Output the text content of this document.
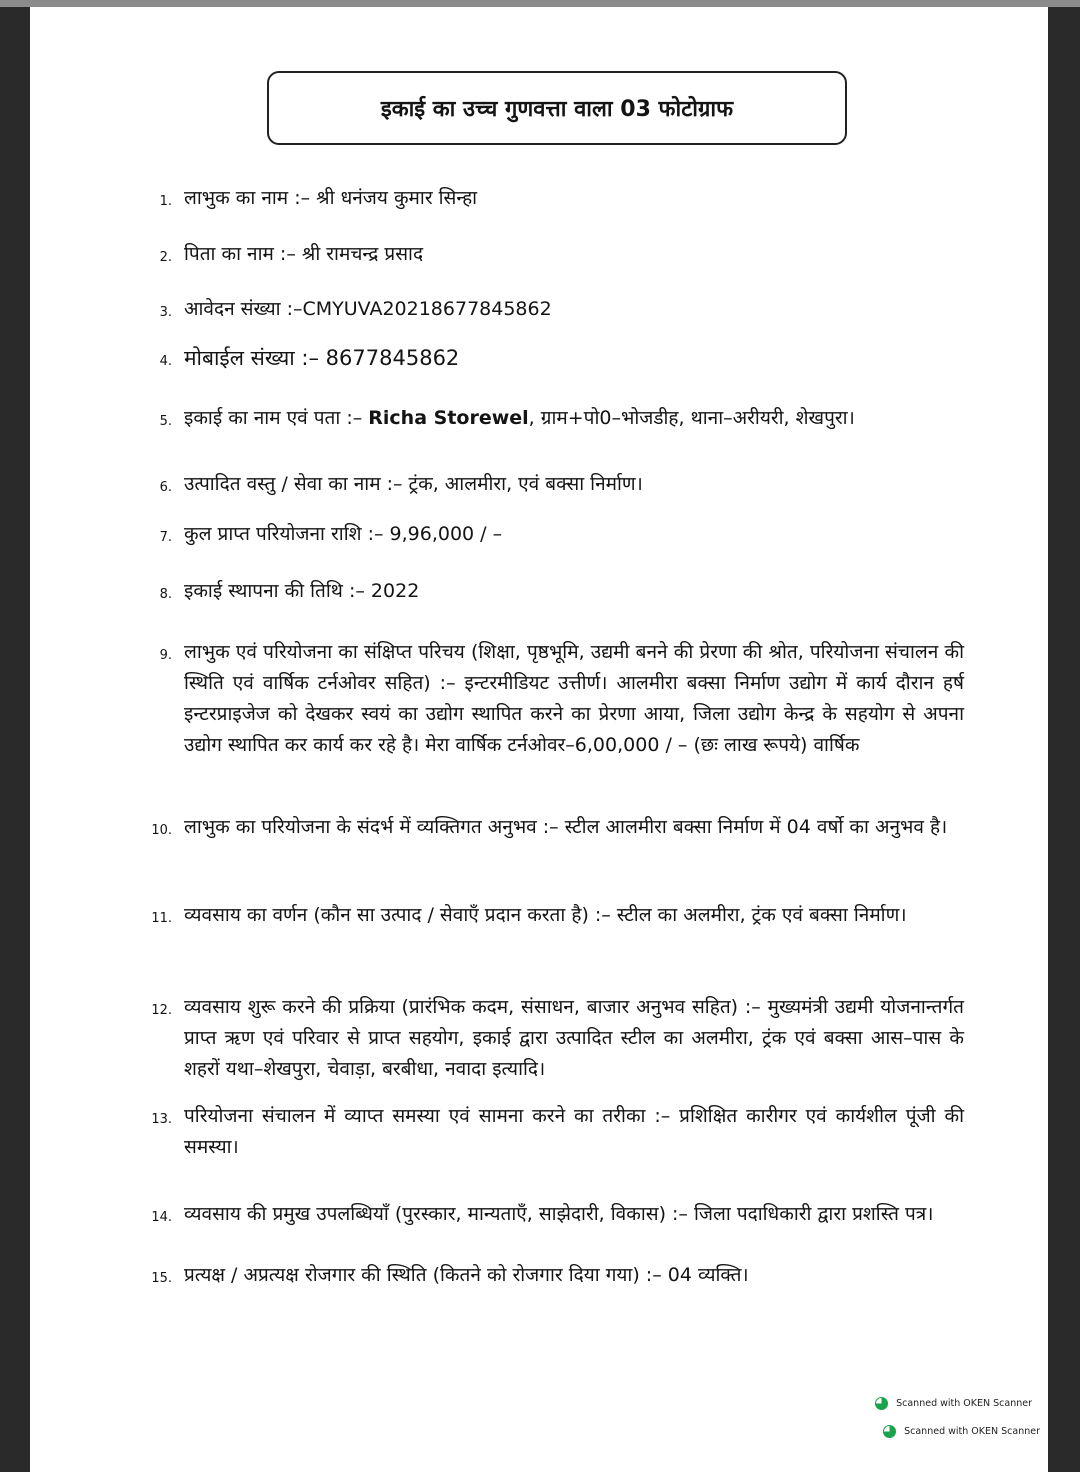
इकाई का उच्च गुणवत्ता वाला 03 फोटोग्राफ
1. लाभुक का नाम :– श्री धनंजय कुमार सिन्हा
2. पिता का नाम :– श्री रामचन्द्र प्रसाद
3. आवेदन संख्या :–CMYUVA20218677845862
4. मोबाईल संख्या :– 8677845862
5. इकाई का नाम एवं पता :– Richa Storewel, ग्राम+पो0–भोजडीह, थाना–अरीयरी, शेखपुरा।
6. उत्पादित वस्तु / सेवा का नाम :– ट्रंक, आलमीरा, एवं बक्सा निर्माण।
7. कुल प्राप्त परियोजना राशि :– 9,96,000 / –
8. इकाई स्थापना की तिथि :– 2022
9. लाभुक एवं परियोजना का संक्षिप्त परिचय (शिक्षा, पृष्ठभूमि, उद्यमी बनने की प्रेरणा की श्रोत, परियोजना संचालन की स्थिति एवं वार्षिक टर्नओवर सहित) :– इन्टरमीडियट उत्तीर्ण। आलमीरा बक्सा निर्माण उद्योग में कार्य दौरान हर्ष इन्टरप्राइजेज को देखकर स्वयं का उद्योग स्थापित करने का प्रेरणा आया, जिला उद्योग केन्द्र के सहयोग से अपना उद्योग स्थापित कर कार्य कर रहे है। मेरा वार्षिक टर्नओवर–6,00,000 / – (छः लाख रूपये) वार्षिक
10. लाभुक का परियोजना के संदर्भ में व्यक्तिगत अनुभव :– स्टील आलमीरा बक्सा निर्माण में 04 वर्षो का अनुभव है।
11. व्यवसाय का वर्णन (कौन सा उत्पाद / सेवाएँ प्रदान करता है) :– स्टील का अलमीरा, ट्रंक एवं बक्सा निर्माण।
12. व्यवसाय शुरू करने की प्रक्रिया (प्रारंभिक कदम, संसाधन, बाजार अनुभव सहित) :– मुख्यमंत्री उद्यमी योजनान्तर्गत प्राप्त ऋण एवं परिवार से प्राप्त सहयोग, इकाई द्वारा उत्पादित स्टील का अलमीरा, ट्रंक एवं बक्सा आस–पास के शहरों यथा–शेखपुरा, चेवाड़ा, बरबीधा, नवादा इत्यादि।
13. परियोजना संचालन में व्याप्त समस्या एवं सामना करने का तरीका :– प्रशिक्षित कारीगर एवं कार्यशील पूंजी की समस्या।
14. व्यवसाय की प्रमुख उपलब्धियाँ (पुरस्कार, मान्यताएँ, साझेदारी, विकास) :– जिला पदाधिकारी द्वारा प्रशस्ति पत्र।
15. प्रत्यक्ष / अप्रत्यक्ष रोजगार की स्थिति (कितने को रोजगार दिया गया) :– 04 व्यक्ति।
Scanned with OKEN Scanner
Scanned with OKEN Scanner
